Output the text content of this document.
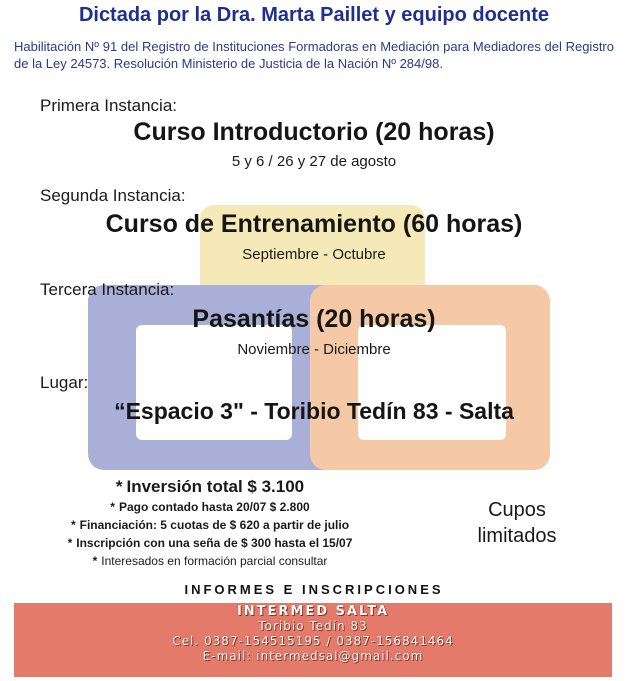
Dictada por la Dra. Marta Paillet y equipo docente
Habilitación Nº 91 del Registro de Instituciones Formadoras en Mediación para Mediadores del Registro de la Ley 24573. Resolución Ministerio de Justicia de la Nación Nº 284/98.
Primera Instancia:
Curso Introductorio (20 horas)
5 y 6 / 26 y 27 de agosto
Segunda Instancia:
Curso de Entrenamiento (60 horas)
Septiembre - Octubre
Tercera Instancia:
Pasantías (20 horas)
Noviembre - Diciembre
Lugar:
“Espacio 3" - Toribio Tedín 83 - Salta
* Inversión total $ 3.100
* Pago contado hasta 20/07 $ 2.800
* Financiación: 5 cuotas de $ 620 a partir de julio
* Inscripción con una seña de $ 300 hasta el 15/07
* Interesados en formación parcial consultar
Cupos
limitados
INFORMES E INSCRIPCIONES
INTERMED SALTA
Toribio Tedín 83
Cel. 0387-154515195 / 0387-156841464
E-mail: intermedsal@gmail.com
